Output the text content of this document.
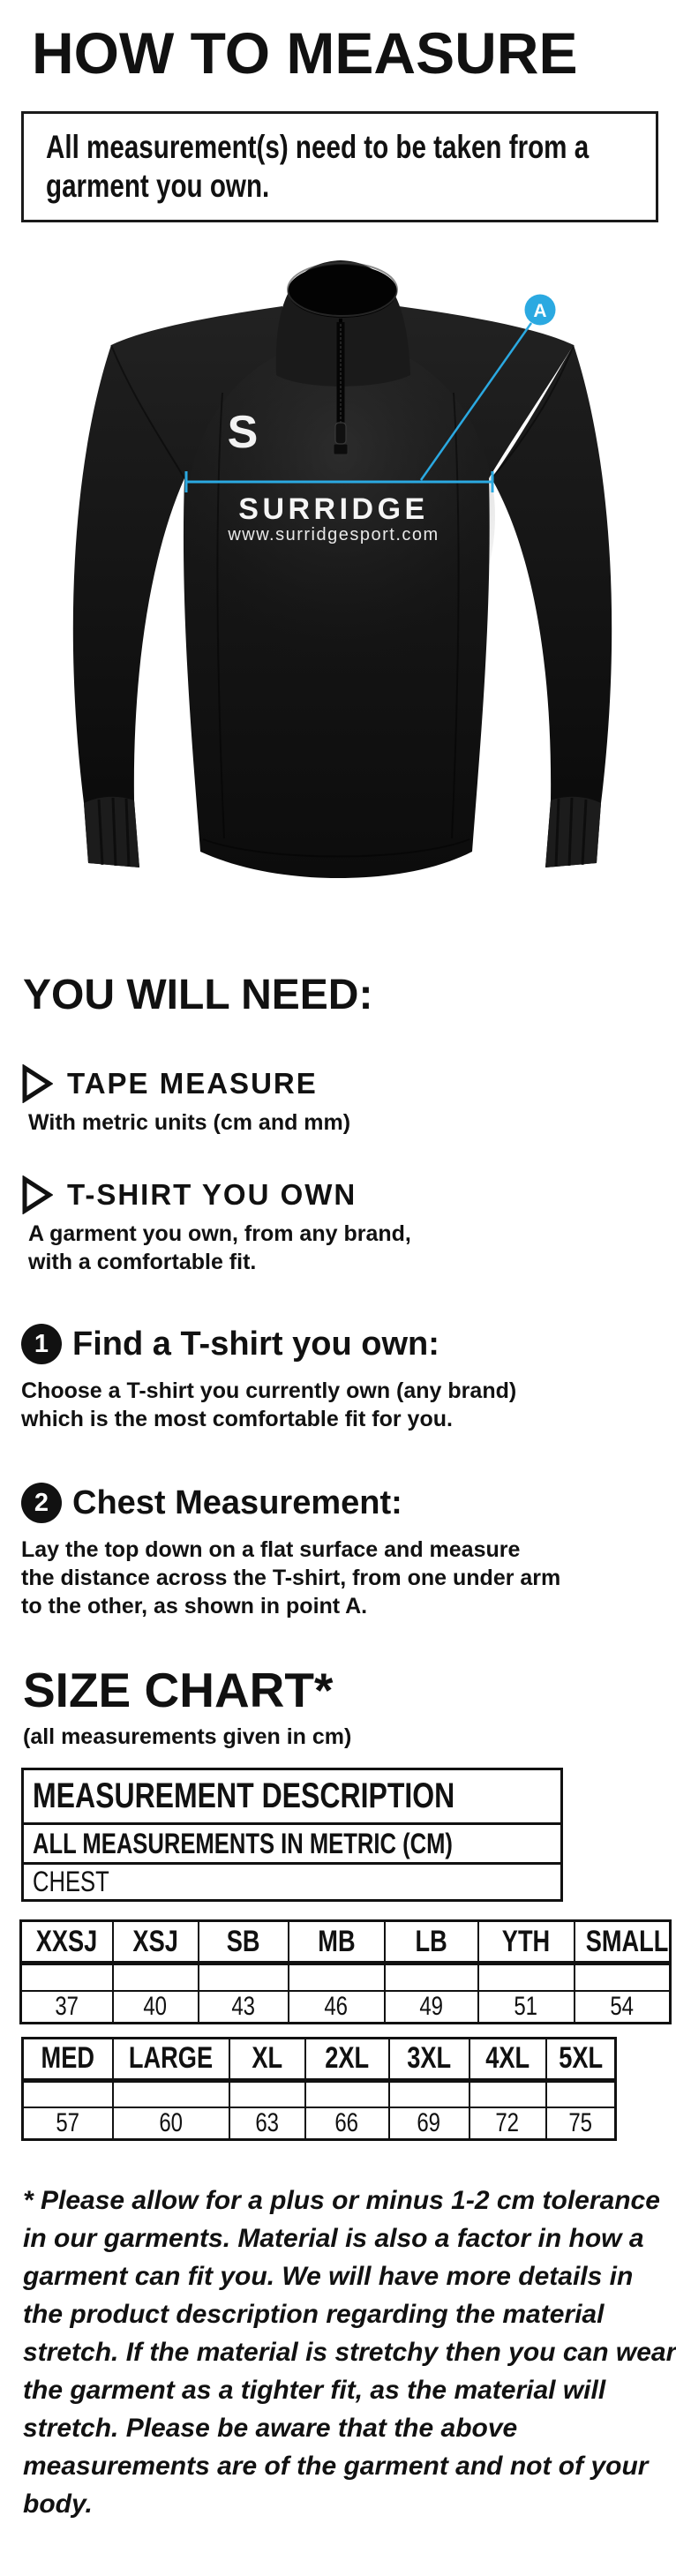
HOW TO MEASURE

All measurement(s) need to be taken from a garment you own.

S
SURRIDGE
www.surridgesport.com
A
YOU WILL NEED:
TAPE MEASURE
With metric units (cm and mm)
T-SHIRT YOU OWN
A garment you own, from any brand,
with a comfortable fit.
1 Find a T-shirt you own:
Choose a T-shirt you currently own (any brand)
which is the most comfortable fit for you.
2 Chest Measurement:
Lay the top down on a flat surface and measure
the distance across the T-shirt, from one under arm
to the other, as shown in point A.
SIZE CHART*
(all measurements given in cm)
MEASUREMENT DESCRIPTION
ALL MEASUREMENTS IN METRIC (CM)
CHEST
XXSJ	XSJ	SB	MB	LB	YTH	SMALL

37	40	43	46	49	51	54
MED	LARGE	XL	2XL	3XL	4XL	5XL

57	60	63	66	69	72	75

* Please allow for a plus or minus 1-2 cm tolerance in our garments. Material is also a factor in how a garment can fit you. We will have more details in the product description regarding the material stretch. If the material is stretchy then you can wear the garment as a tighter fit, as the material will stretch. Please be aware that the above measurements are of the garment and not of your body.
